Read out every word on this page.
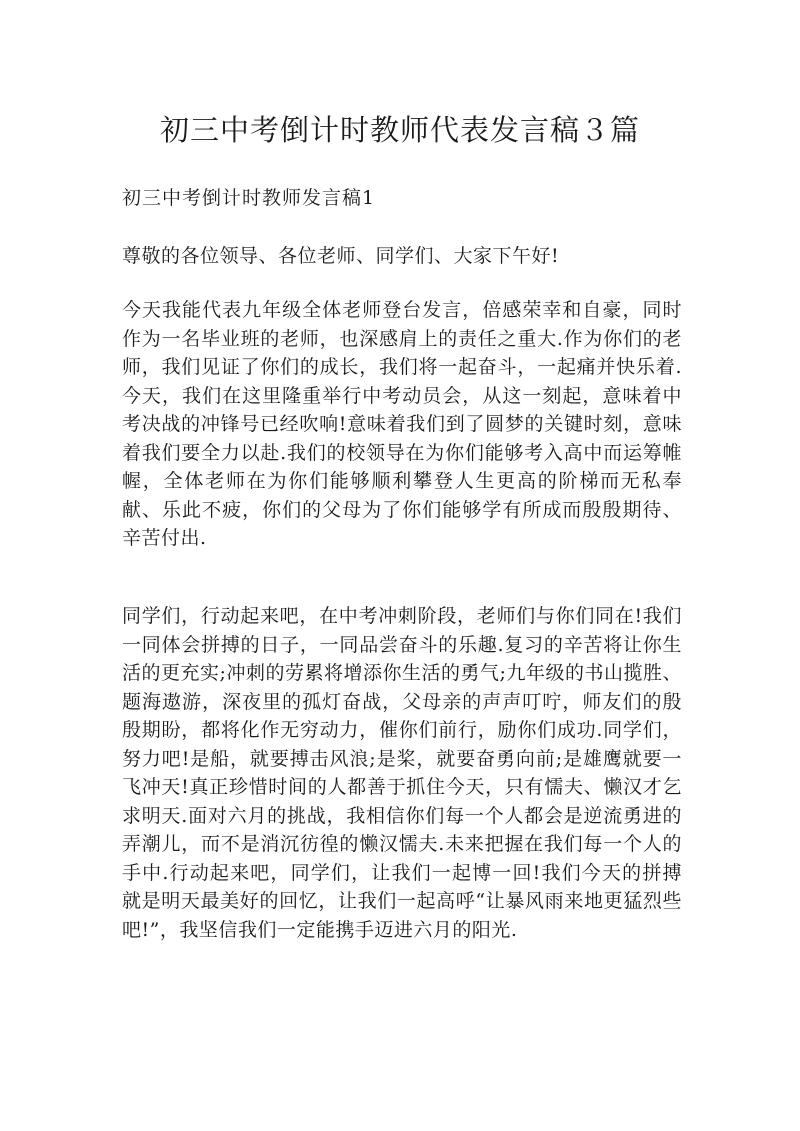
初三中考倒计时教师代表发言稿３篇

初三中考倒计时教师发言稿1

尊敬的各位领导、各位老师、同学们、大家下午好!

今天我能代表九年级全体老师登台发言，倍感荣幸和自豪，同时作为一名毕业班的老师，也深感肩上的责任之重大.作为你们的老师，我们见证了你们的成长，我们将一起奋斗，一起痛并快乐着.今天，我们在这里隆重举行中考动员会，从这一刻起，意味着中考决战的冲锋号已经吹响!意味着我们到了圆梦的关键时刻，意味着我们要全力以赴.我们的校领导在为你们能够考入高中而运筹帷幄，全体老师在为你们能够顺利攀登人生更高的阶梯而无私奉献、乐此不疲，你们的父母为了你们能够学有所成而殷殷期待、辛苦付出.

同学们，行动起来吧，在中考冲刺阶段，老师们与你们同在!我们一同体会拼搏的日子，一同品尝奋斗的乐趣.复习的辛苦将让你生活的更充实;冲刺的劳累将增添你生活的勇气;九年级的书山揽胜、题海遨游，深夜里的孤灯奋战，父母亲的声声叮咛，师友们的殷殷期盼，都将化作无穷动力，催你们前行，励你们成功.同学们，努力吧!是船，就要搏击风浪;是桨，就要奋勇向前;是雄鹰就要一飞冲天!真正珍惜时间的人都善于抓住今天，只有懦夫、懒汉才乞求明天.面对六月的挑战，我相信你们每一个人都会是逆流勇进的弄潮儿，而不是消沉彷徨的懒汉懦夫.未来把握在我们每一个人的手中.行动起来吧，同学们，让我们一起博一回!我们今天的拼搏就是明天最美好的回忆，让我们一起高呼“让暴风雨来地更猛烈些吧!”，我坚信我们一定能携手迈进六月的阳光.
